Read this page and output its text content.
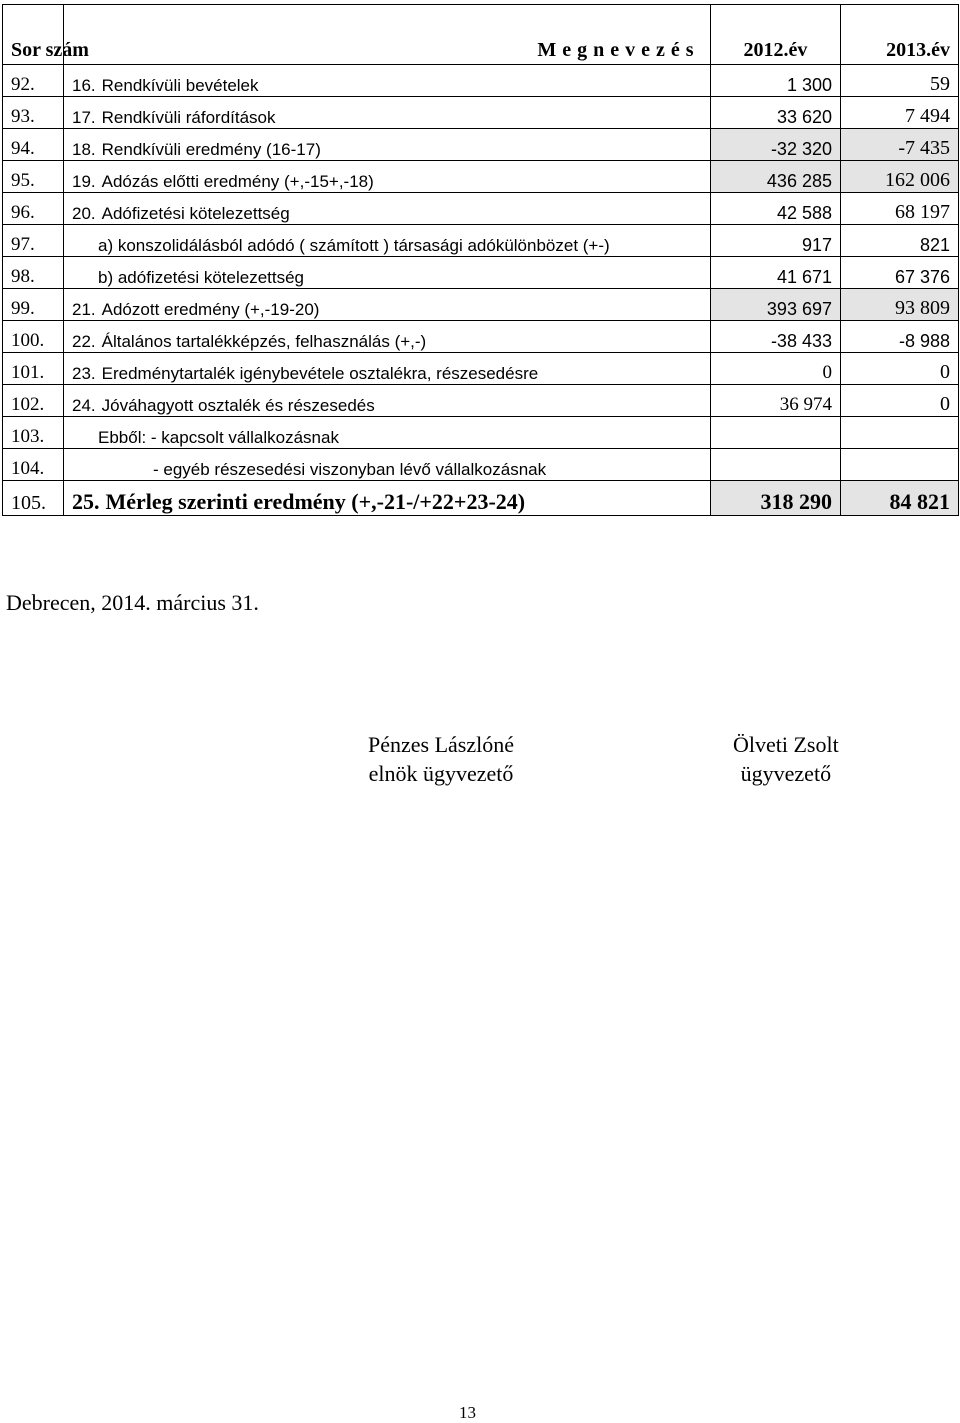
Sor szám	M e g n e v e z é s	2012.év	2013.év
92.	16. Rendkívüli bevételek	1 300	59
93.	17. Rendkívüli ráfordítások	33 620	7 494
94.	18. Rendkívüli eredmény (16-17)	-32 320	-7 435
95.	19. Adózás előtti eredmény (+,-15+,-18)	436 285	162 006
96.	20. Adófizetési kötelezettség	42 588	68 197
97.	a) konszolidálásból adódó ( számított ) társasági adókülönbözet (+-)	917	821
98.	b) adófizetési kötelezettség	41 671	67 376
99.	21. Adózott eredmény (+,-19-20)	393 697	93 809
100.	22. Általános tartalékképzés, felhasználás (+,-)	-38 433	-8 988
101.	23. Eredménytartalék igénybevétele osztalékra, részesedésre	0	0
102.	24. Jóváhagyott osztalék és részesedés	36 974	0
103.	Ebből: - kapcsolt vállalkozásnak		
104.	- egyéb részesedési viszonyban lévő vállalkozásnak		
105.	25. Mérleg szerinti eredmény (+,-21-/+22+23-24)	318 290	84 821
Debrecen, 2014. március 31.
Pénzes Lászlóné
elnök ügyvezető
Ölveti Zsolt
ügyvezető
13
